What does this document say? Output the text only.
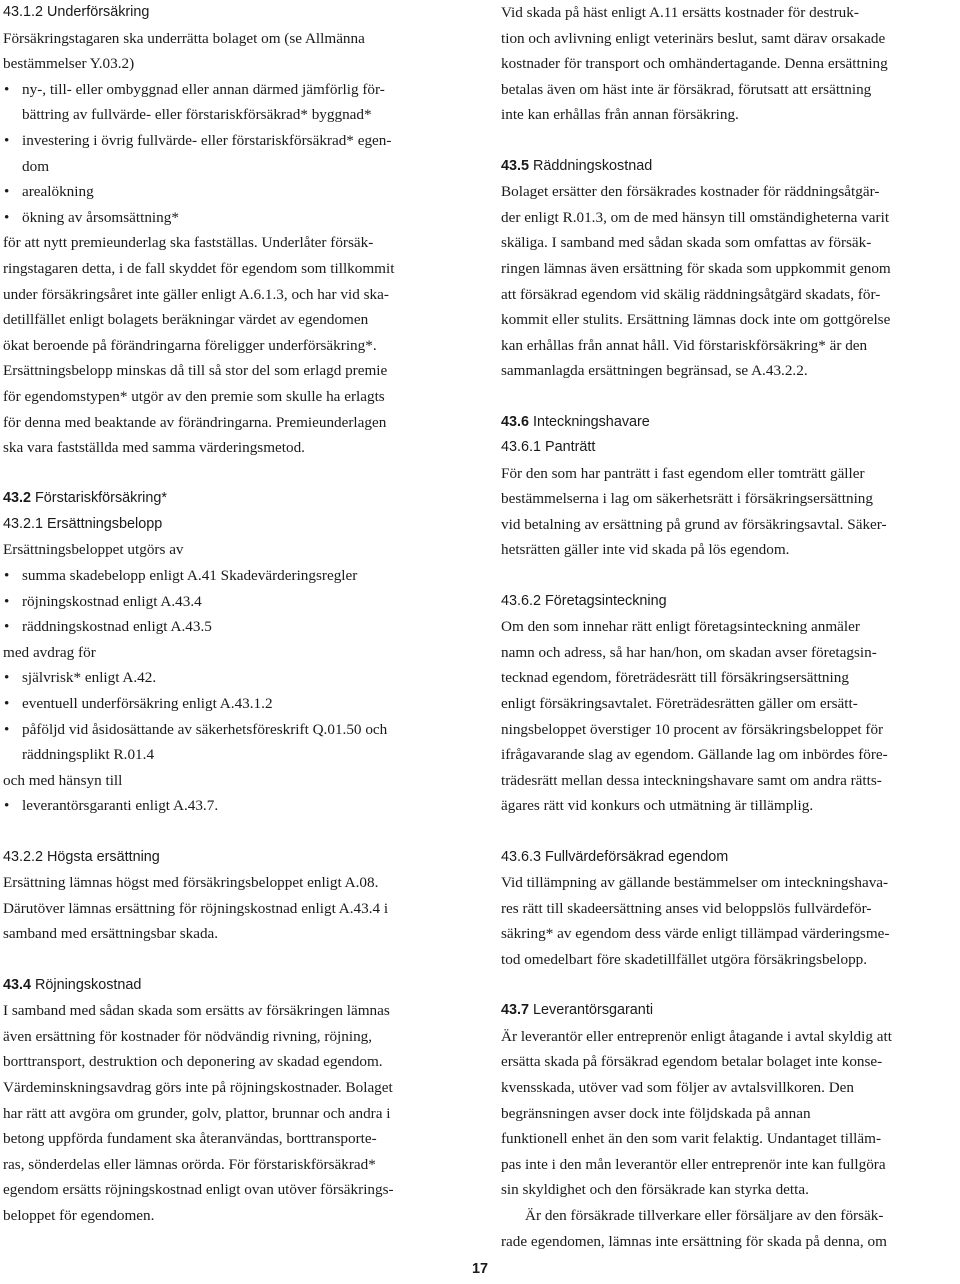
43.1.2 Underförsäkring
Försäkringstagaren ska underrätta bolaget om (se Allmänna
bestämmelser Y.03.2)
• ny-, till- eller ombyggnad eller annan därmed jämförlig för-
bättring av fullvärde- eller förstariskförsäkrad* byggnad*
• investering i övrig fullvärde- eller förstariskförsäkrad* egen-
dom
• arealökning
• ökning av årsomsättning*
för att nytt premieunderlag ska fastställas. Underlåter försäk-
ringstagaren detta, i de fall skyddet för egendom som tillkommit
under försäkringsåret inte gäller enligt A.6.1.3, och har vid ska-
detillfället enligt bolagets beräkningar värdet av egendomen
ökat beroende på förändringarna föreligger underförsäkring*.
Ersättningsbelopp minskas då till så stor del som erlagd premie
för egendomstypen* utgör av den premie som skulle ha erlagts
för denna med beaktande av förändringarna. Premieunderlagen
ska vara fastställda med samma värderingsmetod.
43.2 Förstariskförsäkring*
43.2.1 Ersättningsbelopp
Ersättningsbeloppet utgörs av
• summa skadebelopp enligt A.41 Skadevärderingsregler
• röjningskostnad enligt A.43.4
• räddningskostnad enligt A.43.5
med avdrag för
• självrisk* enligt A.42.
• eventuell underförsäkring enligt A.43.1.2
• påföljd vid åsidosättande av säkerhetsföreskrift Q.01.50 och
räddningsplikt R.01.4
och med hänsyn till
• leverantörsgaranti enligt A.43.7.
43.2.2 Högsta ersättning
Ersättning lämnas högst med försäkringsbeloppet enligt A.08.
Därutöver lämnas ersättning för röjningskostnad enligt A.43.4 i
samband med ersättningsbar skada.
43.4 Röjningskostnad
I samband med sådan skada som ersätts av försäkringen lämnas
även ersättning för kostnader för nödvändig rivning, röjning,
borttransport, destruktion och deponering av skadad egendom.
Värdeminskningsavdrag görs inte på röjningskostnader. Bolaget
har rätt att avgöra om grunder, golv, plattor, brunnar och andra i
betong uppförda fundament ska återanvändas, borttransporte-
ras, sönderdelas eller lämnas orörda. För förstariskförsäkrad*
egendom ersätts röjningskostnad enligt ovan utöver försäkrings-
beloppet för egendomen.
Vid skada på häst enligt A.11 ersätts kostnader för destruk-
tion och avlivning enligt veterinärs beslut, samt därav orsakade
kostnader för transport och omhändertagande. Denna ersättning
betalas även om häst inte är försäkrad, förutsatt att ersättning
inte kan erhållas från annan försäkring.
43.5 Räddningskostnad
Bolaget ersätter den försäkrades kostnader för räddningsåtgär-
der enligt R.01.3, om de med hänsyn till omständigheterna varit
skäliga. I samband med sådan skada som omfattas av försäk-
ringen lämnas även ersättning för skada som uppkommit genom
att försäkrad egendom vid skälig räddningsåtgärd skadats, för-
kommit eller stulits. Ersättning lämnas dock inte om gottgörelse
kan erhållas från annat håll. Vid förstariskförsäkring* är den
sammanlagda ersättningen begränsad, se A.43.2.2.
43.6 Inteckningshavare
43.6.1 Panträtt
För den som har panträtt i fast egendom eller tomträtt gäller
bestämmelserna i lag om säkerhetsrätt i försäkringsersättning
vid betalning av ersättning på grund av försäkringsavtal. Säker-
hetsrätten gäller inte vid skada på lös egendom.
43.6.2 Företagsinteckning
Om den som innehar rätt enligt företagsinteckning anmäler
namn och adress, så har han/hon, om skadan avser företagsin-
tecknad egendom, företrädesrätt till försäkringsersättning
enligt försäkringsavtalet. Företrädesrätten gäller om ersätt-
ningsbeloppet överstiger 10 procent av försäkringsbeloppet för
ifrågavarande slag av egendom. Gällande lag om inbördes före-
trädesrätt mellan dessa inteckningshavare samt om andra rätts-
ägares rätt vid konkurs och utmätning är tillämplig.
43.6.3 Fullvärdeförsäkrad egendom
Vid tillämpning av gällande bestämmelser om inteckningshava-
res rätt till skadeersättning anses vid beloppslös fullvärdeför-
säkring* av egendom dess värde enligt tillämpad värderingsme-
tod omedelbart före skadetillfället utgöra försäkringsbelopp.
43.7 Leverantörsgaranti
Är leverantör eller entreprenör enligt åtagande i avtal skyldig att
ersätta skada på försäkrad egendom betalar bolaget inte konse-
kvensskada, utöver vad som följer av avtalsvillkoren. Den
begränsningen avser dock inte följdskada på annan
funktionell enhet än den som varit felaktig. Undantaget tilläm-
pas inte i den mån leverantör eller entreprenör inte kan fullgöra
sin skyldighet och den försäkrade kan styrka detta.
Är den försäkrade tillverkare eller försäljare av den försäk-
rade egendomen, lämnas inte ersättning för skada på denna, om
17
